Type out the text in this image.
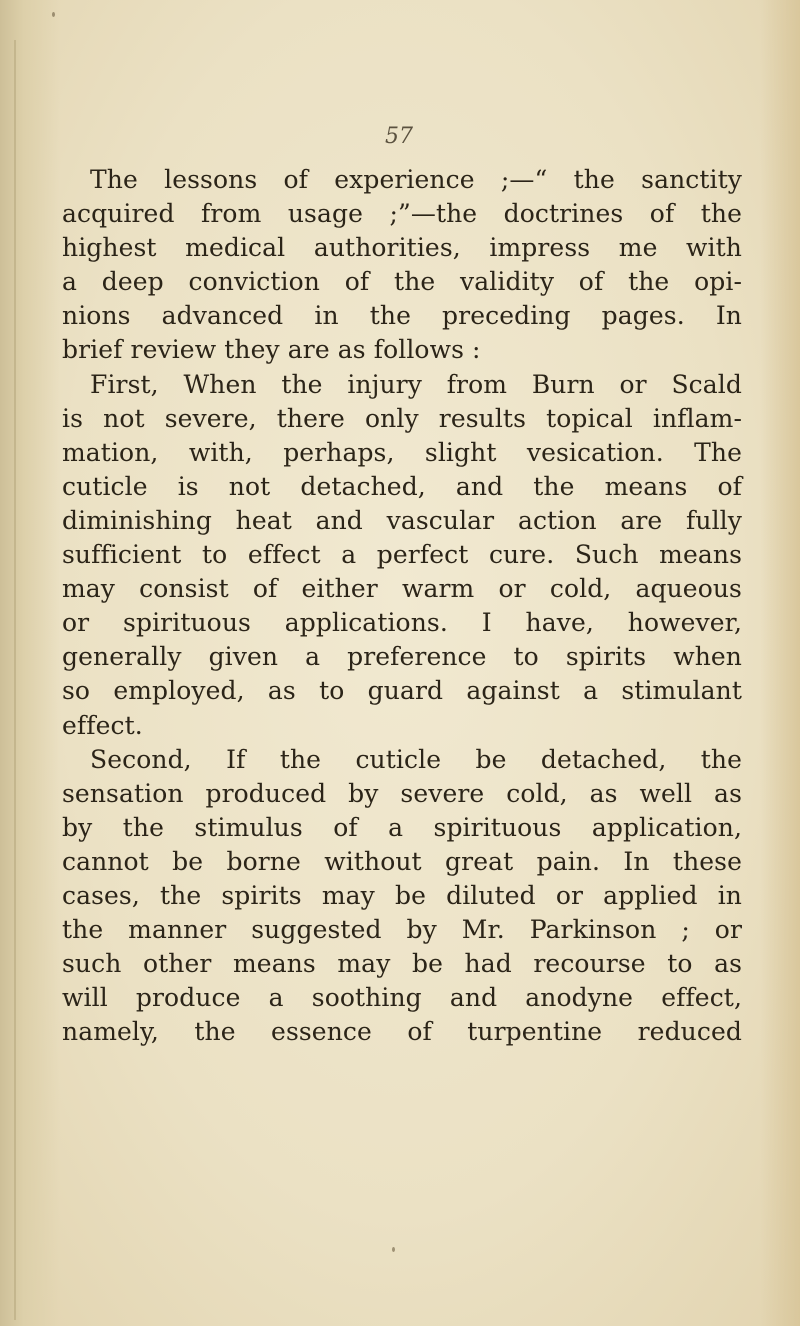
57
The lessons of experience ;—“ the sanctity
acquired from usage ;”—the doctrines of the
highest medical authorities, impress me with
a deep conviction of the validity of the opi-
nions advanced in the preceding pages. In
brief review they are as follows :
First, When the injury from Burn or Scald
is not severe, there only results topical inflam-
mation, with, perhaps, slight vesication. The
cuticle is not detached, and the means of
diminishing heat and vascular action are fully
sufficient to effect a perfect cure. Such means
may consist of either warm or cold, aqueous
or spirituous applications. I have, however,
generally given a preference to spirits when
so employed, as to guard against a stimulant
effect.
Second, If the cuticle be detached, the
sensation produced by severe cold, as well as
by the stimulus of a spirituous application,
cannot be borne without great pain. In these
cases, the spirits may be diluted or applied in
the manner suggested by Mr. Parkinson ; or
such other means may be had recourse to as
will produce a soothing and anodyne effect,
namely, the essence of turpentine reduced
